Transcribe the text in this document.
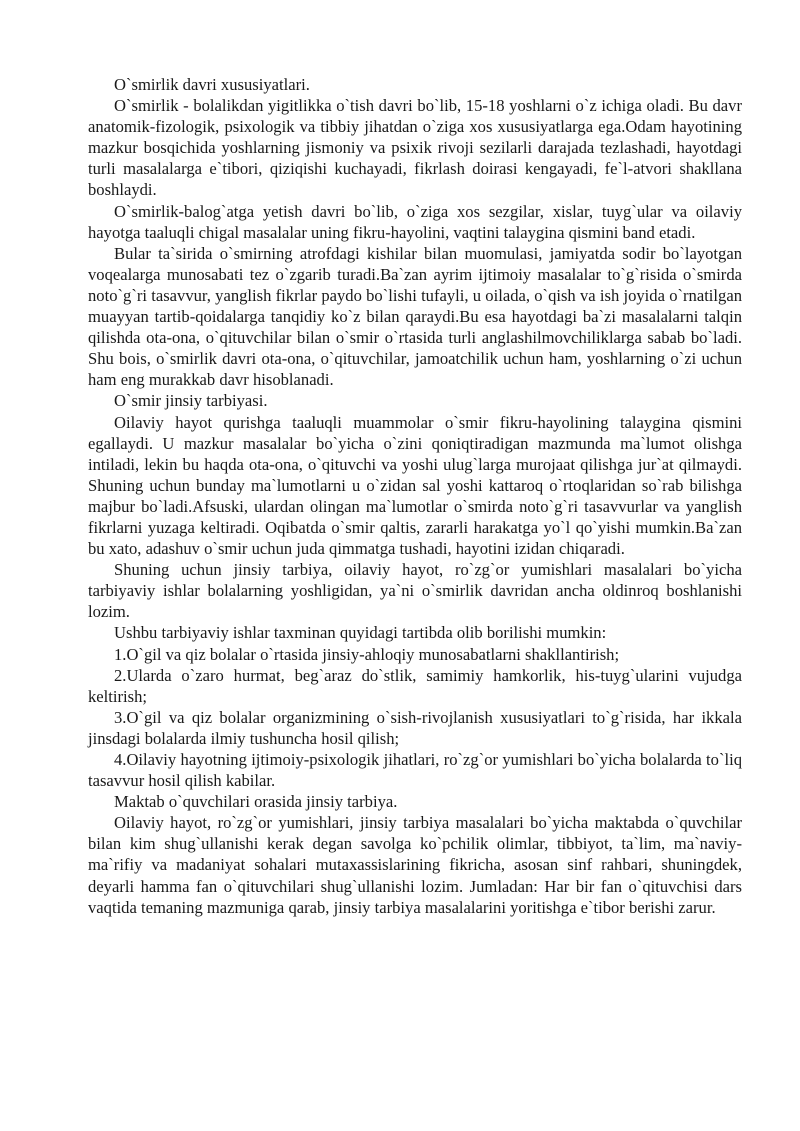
O`smirlik davri xususiyatlari.

O`smirlik - bolalikdan yigitlikka o`tish davri bo`lib, 15-18 yoshlarni o`z ichiga oladi. Bu davr anatomik-fizologik, psixologik va tibbiy jihatdan o`ziga xos xususiyatlarga ega.Odam hayotining mazkur bosqichida yoshlarning jismoniy va psixik rivoji sezilarli darajada tezlashadi, hayotdagi turli masalalarga e`tibori, qiziqishi kuchayadi, fikrlash doirasi kengayadi, fe`l-atvori shakllana boshlaydi.

O`smirlik-balog`atga yetish davri bo`lib, o`ziga xos sezgilar, xislar, tuyg`ular va oilaviy hayotga taaluqli chigal masalalar uning fikru-hayolini, vaqtini talaygina qismini band etadi.

Bular ta`sirida o`smirning atrofdagi kishilar bilan muomulasi, jamiyatda sodir bo`layotgan voqealarga munosabati tez o`zgarib turadi.Ba`zan ayrim ijtimoiy masalalar to`g`risida o`smirda noto`g`ri tasavvur, yanglish fikrlar paydo bo`lishi tufayli, u oilada, o`qish va ish joyida o`rnatilgan muayyan tartib-qoidalarga tanqidiy ko`z bilan qaraydi.Bu esa hayotdagi ba`zi masalalarni talqin qilishda ota-ona, o`qituvchilar bilan o`smir o`rtasida turli anglashilmovchiliklarga sabab bo`ladi. Shu bois, o`smirlik davri ota-ona, o`qituvchilar, jamoatchilik uchun ham, yoshlarning o`zi uchun ham eng murakkab davr hisoblanadi.

O`smir jinsiy tarbiyasi.

Oilaviy hayot qurishga taaluqli muammolar o`smir fikru-hayolining talaygina qismini egallaydi. U mazkur masalalar bo`yicha o`zini qoniqtiradigan mazmunda ma`lumot olishga intiladi, lekin bu haqda ota-ona, o`qituvchi va yoshi ulug`larga murojaat qilishga jur`at qilmaydi. Shuning uchun bunday ma`lumotlarni u o`zidan sal yoshi kattaroq o`rtoqlaridan so`rab bilishga majbur bo`ladi.Afsuski, ulardan olingan ma`lumotlar o`smirda noto`g`ri tasavvurlar va yanglish fikrlarni yuzaga keltiradi. Oqibatda o`smir qaltis, zararli harakatga yo`l qo`yishi mumkin.Ba`zan bu xato, adashuv o`smir uchun juda qimmatga tushadi, hayotini izidan chiqaradi.

Shuning uchun jinsiy tarbiya, oilaviy hayot, ro`zg`or yumishlari masalalari bo`yicha tarbiyaviy ishlar bolalarning yoshligidan, ya`ni o`smirlik davridan ancha oldinroq boshlanishi lozim.

Ushbu tarbiyaviy ishlar taxminan quyidagi tartibda olib borilishi mumkin:

1.O`gil va qiz bolalar o`rtasida jinsiy-ahloqiy munosabatlarni shakllantirish;

2.Ularda o`zaro hurmat, beg`araz do`stlik, samimiy hamkorlik, his-tuyg`ularini vujudga keltirish;

3.O`gil va qiz bolalar organizmining o`sish-rivojlanish xususiyatlari to`g`risida, har ikkala jinsdagi bolalarda ilmiy tushuncha hosil qilish;

4.Oilaviy hayotning ijtimoiy-psixologik jihatlari, ro`zg`or yumishlari bo`yicha bolalarda to`liq tasavvur hosil qilish kabilar.

Maktab o`quvchilari orasida jinsiy tarbiya.

Oilaviy hayot, ro`zg`or yumishlari, jinsiy tarbiya masalalari bo`yicha maktabda o`quvchilar bilan kim shug`ullanishi kerak degan savolga ko`pchilik olimlar, tibbiyot, ta`lim, ma`naviy-ma`rifiy va madaniyat sohalari mutaxassislarining fikricha, asosan sinf rahbari, shuningdek, deyarli hamma fan o`qituvchilari shug`ullanishi lozim. Jumladan: Har bir fan o`qituvchisi dars vaqtida temaning mazmuniga qarab, jinsiy tarbiya masalalarini yoritishga e`tibor berishi zarur.
